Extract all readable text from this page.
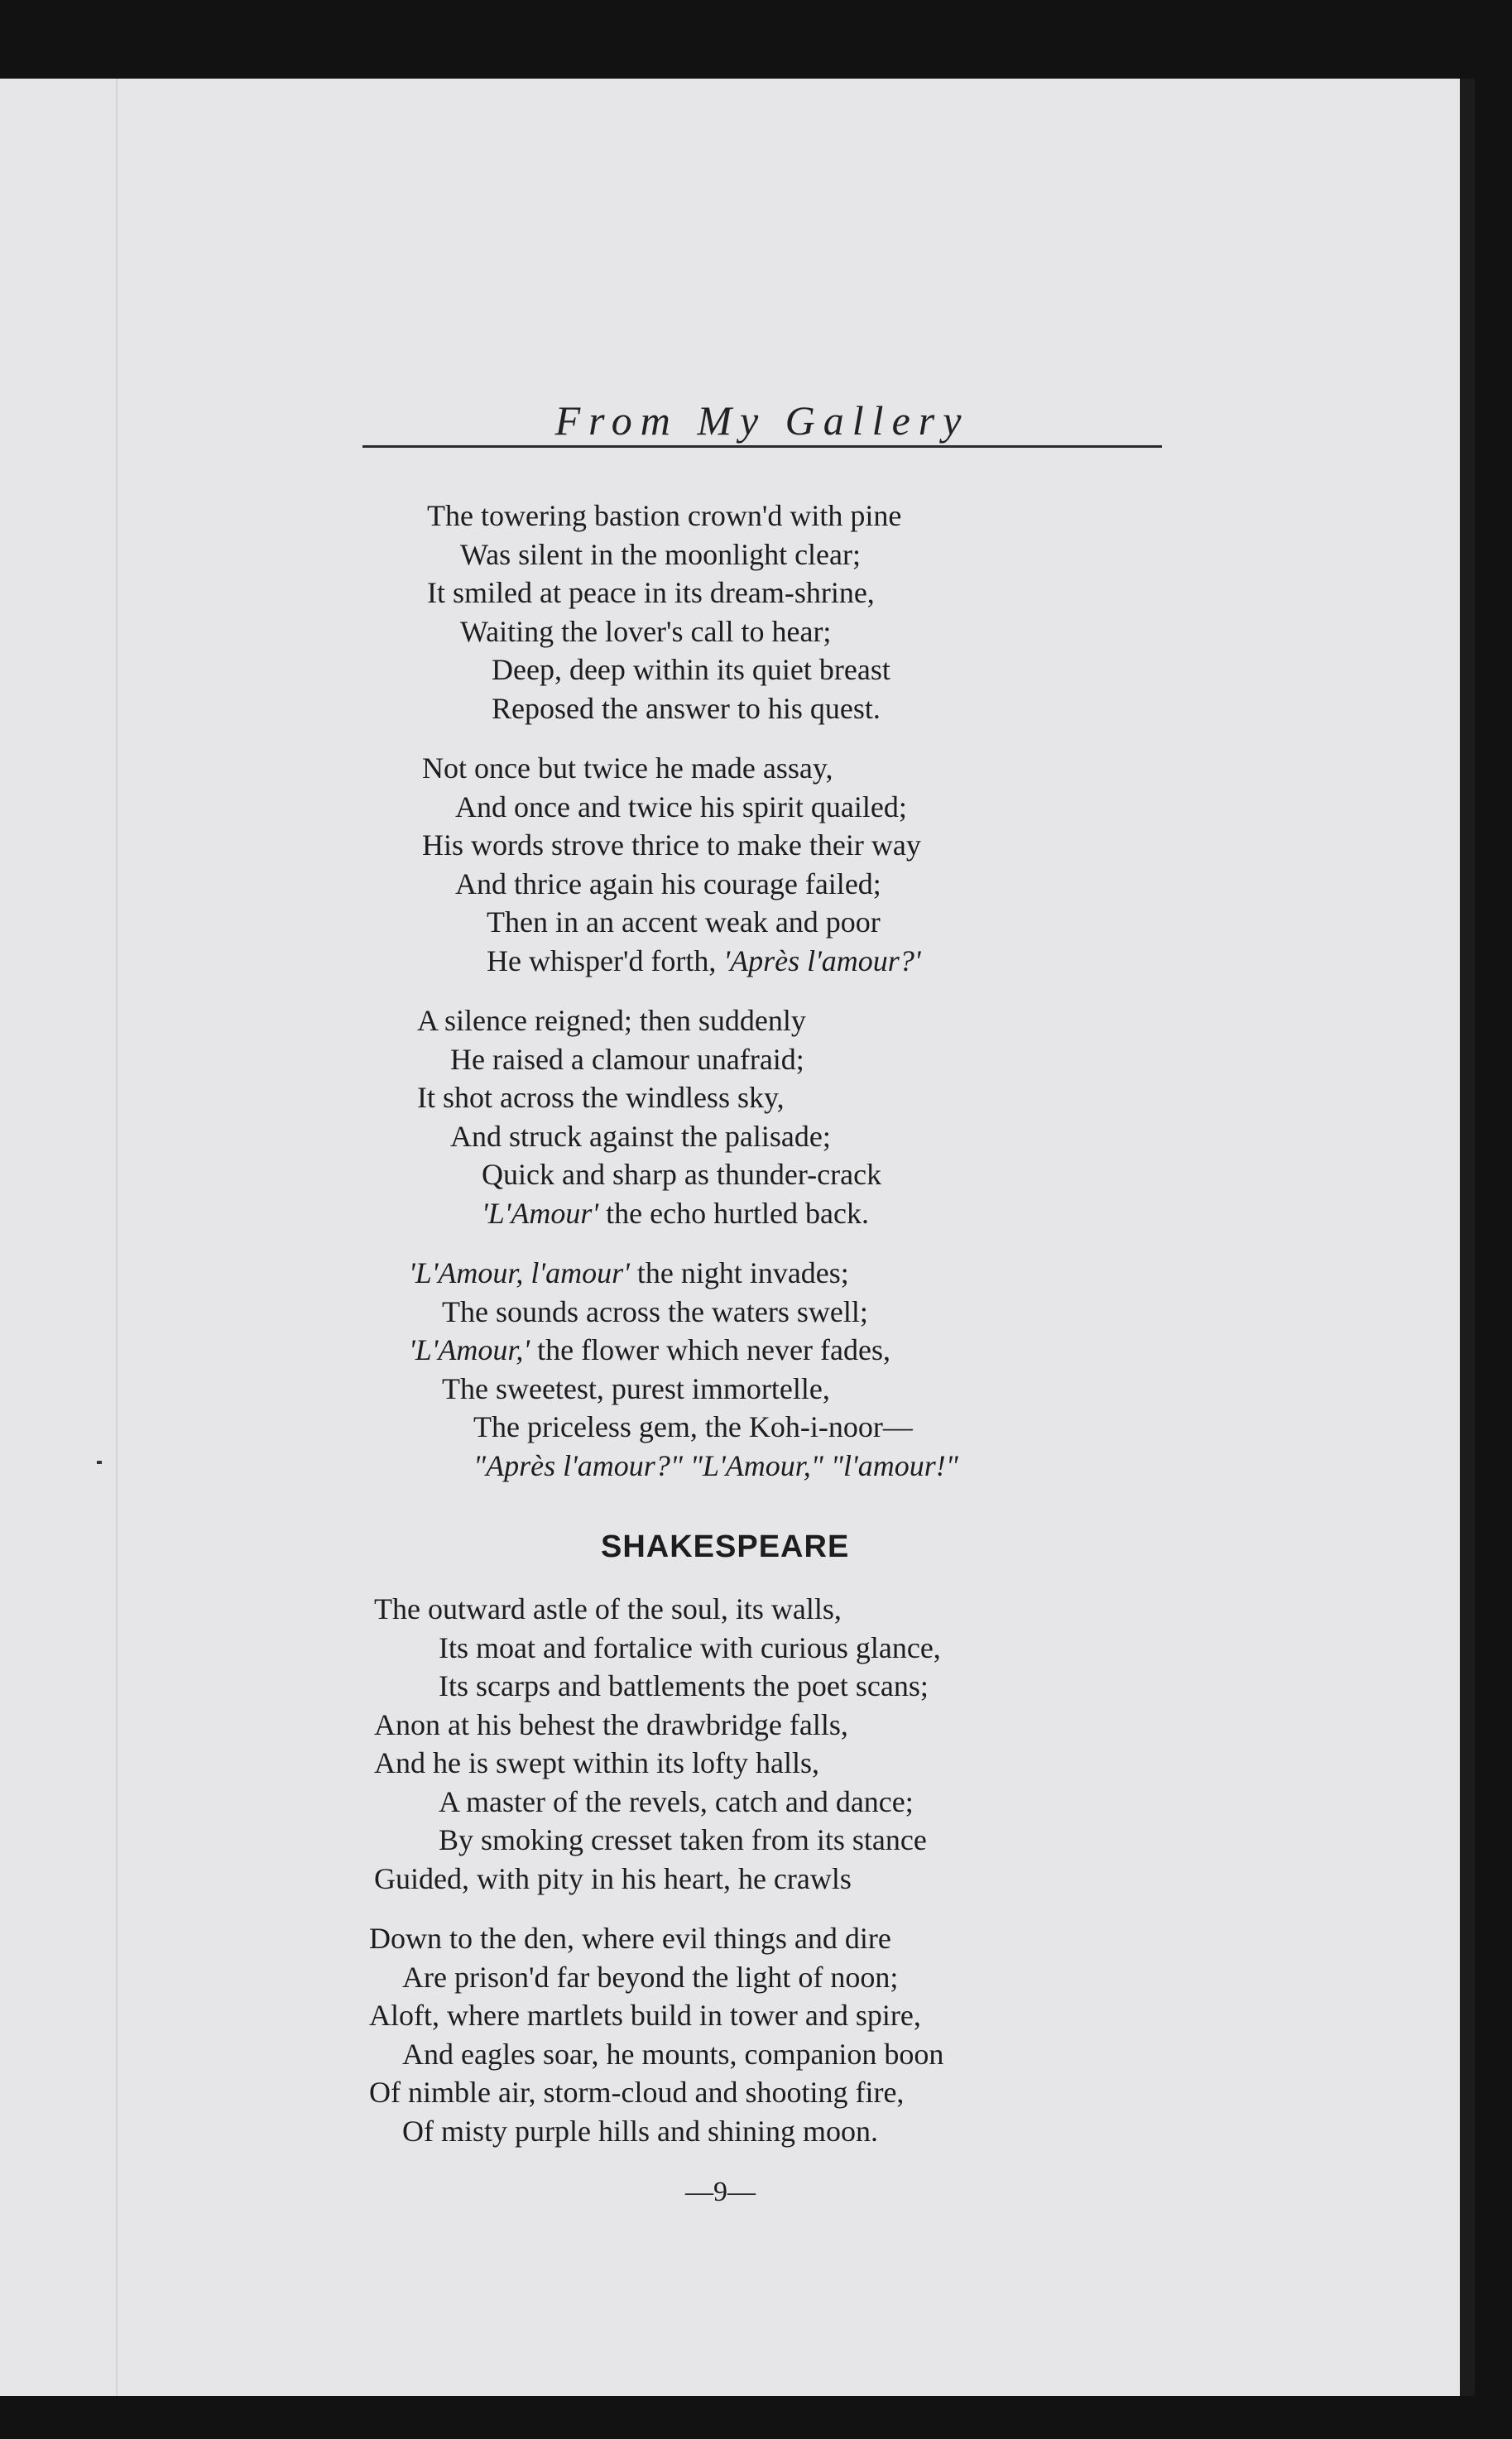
From My Gallery
The towering bastion crown'd with pine
Was silent in the moonlight clear;
It smiled at peace in its dream-shrine,
Waiting the lover's call to hear;
Deep, deep within its quiet breast
Reposed the answer to his quest.
Not once but twice he made assay,
And once and twice his spirit quailed;
His words strove thrice to make their way
And thrice again his courage failed;
Then in an accent weak and poor
He whisper'd forth, 'Après l'amour?'
A silence reigned; then suddenly
He raised a clamour unafraid;
It shot across the windless sky,
And struck against the palisade;
Quick and sharp as thunder-crack
'L'Amour' the echo hurtled back.
'L'Amour, l'amour' the night invades;
The sounds across the waters swell;
'L'Amour,' the flower which never fades,
The sweetest, purest immortelle,
The priceless gem, the Koh-i-noor—
"Après l'amour?" "L'Amour," "l'amour!"
SHAKESPEARE
The outward astle of the soul, its walls,
Its moat and fortalice with curious glance,
Its scarps and battlements the poet scans;
Anon at his behest the drawbridge falls,
And he is swept within its lofty halls,
A master of the revels, catch and dance;
By smoking cresset taken from its stance
Guided, with pity in his heart, he crawls
Down to the den, where evil things and dire
Are prison'd far beyond the light of noon;
Aloft, where martlets build in tower and spire,
And eagles soar, he mounts, companion boon
Of nimble air, storm-cloud and shooting fire,
Of misty purple hills and shining moon.
—9—
